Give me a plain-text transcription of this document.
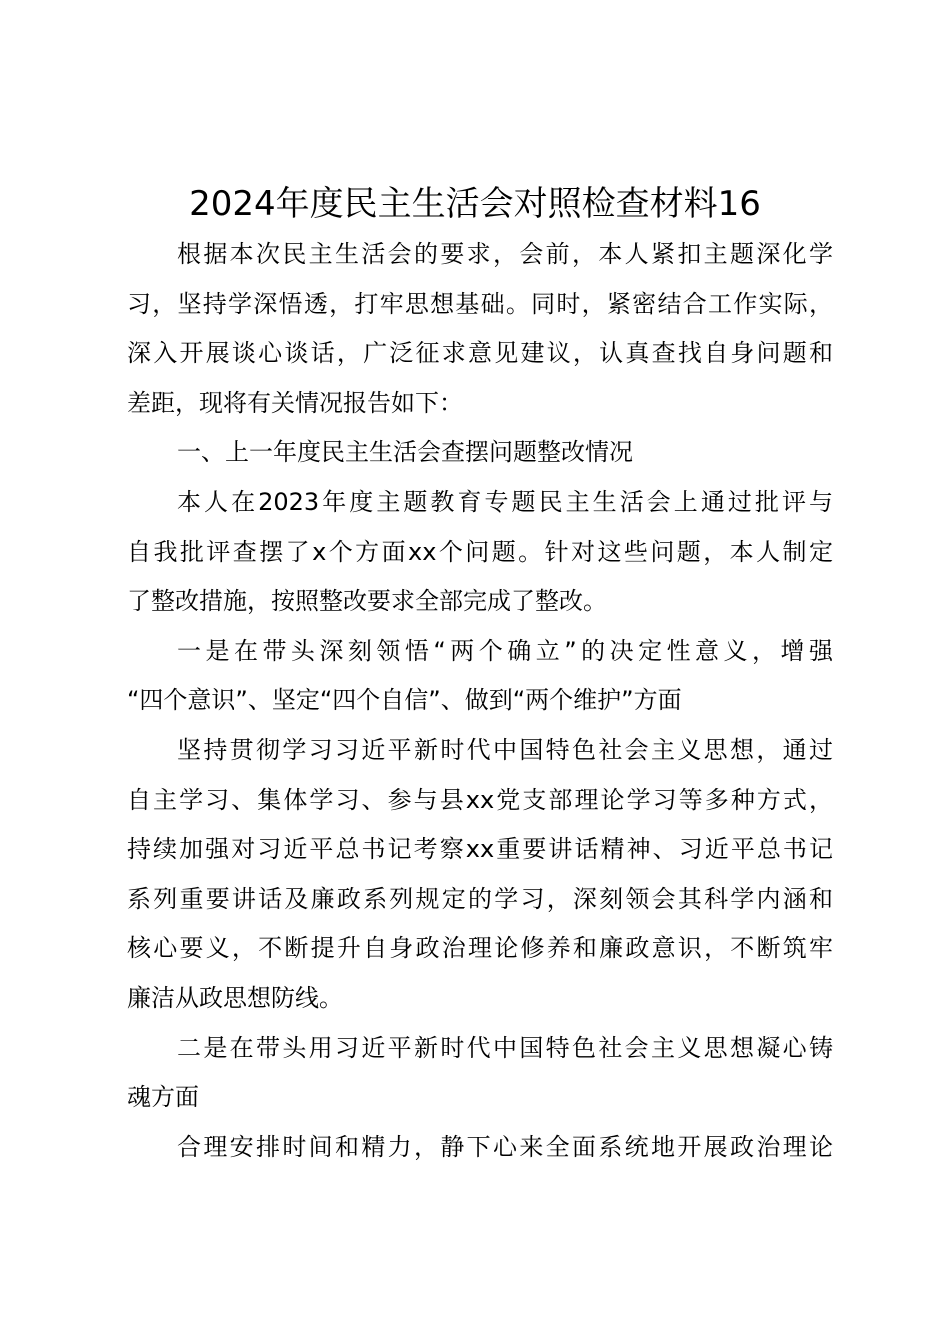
2024年度民主生活会对照检查材料16
根据本次民主生活会的要求，会前，本人紧扣主题深化学
习，坚持学深悟透，打牢思想基础。同时，紧密结合工作实际，
深入开展谈心谈话，广泛征求意见建议，认真查找自身问题和
差距，现将有关情况报告如下：
一、上一年度民主生活会查摆问题整改情况
本人在2023年度主题教育专题民主生活会上通过批评与
自我批评查摆了x个方面xx个问题。针对这些问题，本人制定
了整改措施，按照整改要求全部完成了整改。
一是在带头深刻领悟“两个确立”的决定性意义，增强
“四个意识”、坚定“四个自信”、做到“两个维护”方面
坚持贯彻学习习近平新时代中国特色社会主义思想，通过
自主学习、集体学习、参与县xx党支部理论学习等多种方式，
持续加强对习近平总书记考察xx重要讲话精神、习近平总书记
系列重要讲话及廉政系列规定的学习，深刻领会其科学内涵和
核心要义，不断提升自身政治理论修养和廉政意识，不断筑牢
廉洁从政思想防线。
二是在带头用习近平新时代中国特色社会主义思想凝心铸
魂方面
合理安排时间和精力，静下心来全面系统地开展政治理论
